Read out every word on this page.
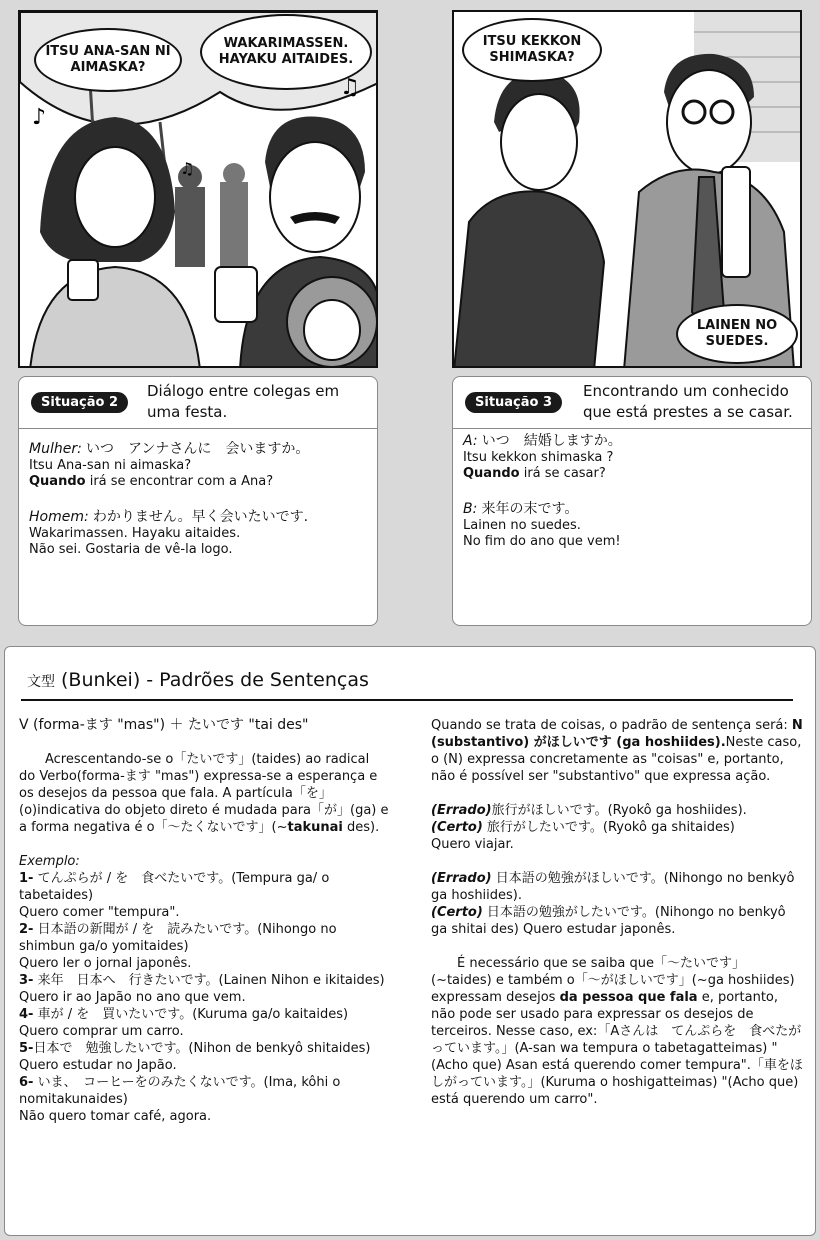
♪
♫
♫
ITSU ANA-SAN NI
AIMASKA?
WAKARIMASSEN.
HAYAKU AITAIDES.
ITSU KEKKON
SHIMASKA?
LAINEN NO
SUEDES.
Situação 2
Diálogo entre colegas em
uma festa.
Mulher: いつ　アンナさんに　会いますか。
Itsu Ana-san ni aimaska?
Quando irá se encontrar com a Ana?
Homem: わかりません。早く会いたいです.
Wakarimassen. Hayaku aitaides.
Não sei. Gostaria de vê-la logo.
Situação 3
Encontrando um conhecido
que está prestes a se casar.
A: いつ　結婚しますか。
Itsu kekkon shimaska ?
Quando irá se casar?
B: 来年の末です。
Lainen no suedes.
No fim do ano que vem!
文型 (Bunkei) - Padrões de Sentenças

V (forma-ます "mas") ＋ たいです "tai des"

Acrescentando-se o「たいです」(taides) ao radical do Verbo(forma-ます "mas") expressa-se a esperança e os desejos da pessoa que fala. A partícula「を」(o)indicativa do objeto direto é mudada para「が」(ga) e a forma negativa é o「～たくないです」(~takunai des).

Exemplo:

1- てんぷらが / を　食べたいです。(Tempura ga/ o tabetaides)

Quero comer "tempura".

2- 日本語の新聞が / を　読みたいです。(Nihongo no shimbun ga/o yomitaides)

Quero ler o jornal japonês.

3- 来年　日本へ　行きたいです。(Lainen Nihon e ikitaides)

Quero ir ao Japão no ano que vem.

4- 車が / を　買いたいです。(Kuruma ga/o kaitaides)

Quero comprar um carro.

5-日本で　勉強したいです。(Nihon de benkyô shitaides)

Quero estudar no Japão.

6- いま、　コーヒーをのみたくないです。(Ima, kôhi o nomitakunaides)

Não quero tomar café, agora.

Quando se trata de coisas, o padrão de sentença será: N (substantivo) がほしいです (ga hoshiides).Neste caso, o (N) expressa concretamente as "coisas" e, portanto, não é possível ser "substantivo" que expressa ação.

(Errado)旅行がほしいです。(Ryokô ga hoshiides).

(Certo) 旅行がしたいです。(Ryokô ga shitaides)

Quero viajar.

(Errado) 日本語の勉強がほしいです。(Nihongo no benkyô ga hoshiides).

(Certo) 日本語の勉強がしたいです。(Nihongo no benkyô ga shitai des) Quero estudar japonês.

É necessário que se saiba que「～たいです」(~taides) e também o「～がほしいです」(~ga hoshiides) expressam desejos da pessoa que fala e, portanto, não pode ser usado para expressar os desejos de terceiros. Nesse caso, ex:「Aさんは　てんぷらを　食べたがっています。」(A-san wa tempura o tabetagatteimas) "(Acho que) Asan está querendo comer tempura".「車をほしがっています。」(Kuruma o hoshigatteimas) "(Acho que) está querendo um carro".
